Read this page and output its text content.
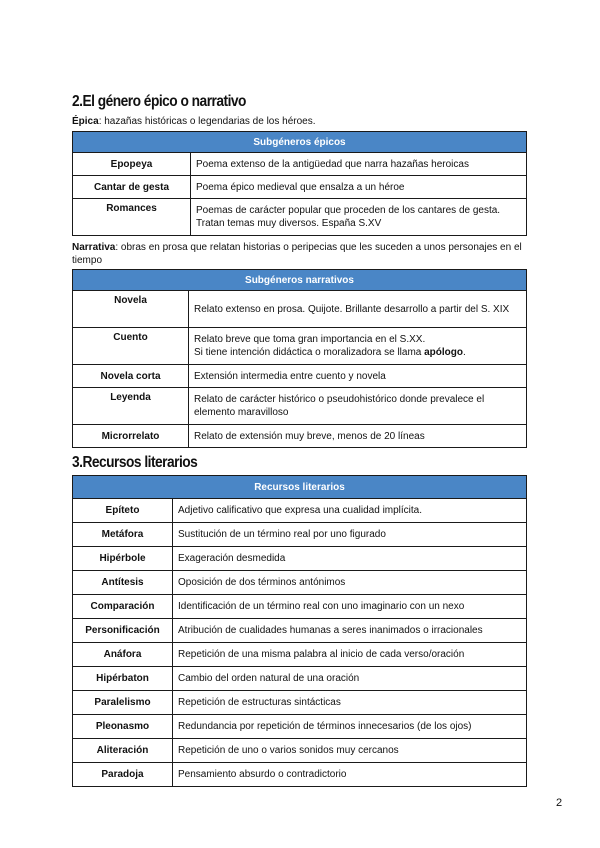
2.El género épico o narrativo

Épica: hazañas históricas o legendarias de los héroes.

Subgéneros épicos	
Epopeya	Poema extenso de la antigüedad que narra hazañas heroicas
Cantar de gesta	Poema épico medieval que ensalza a un héroe
Romances	Poemas de carácter popular que proceden de los cantares de gesta. Tratan temas muy diversos. España S.XV

Narrativa: obras en prosa que relatan historias o peripecias que les suceden a unos personajes en el tiempo

Subgéneros narrativos	
Novela	Relato extenso en prosa. Quijote. Brillante desarrollo a partir del S. XIX
Cuento	Relato breve que toma gran importancia en el S.XX.
Si tiene intención didáctica o moralizadora se llama apólogo.
Novela corta	Extensión intermedia entre cuento y novela
Leyenda	Relato de carácter histórico o pseudohistórico donde prevalece el elemento maravilloso
Microrrelato	Relato de extensión muy breve, menos de 20 líneas
3.Recursos literarios
Recursos literarios	
Epíteto	Adjetivo calificativo que expresa una cualidad implícita.
Metáfora	Sustitución de un término real por uno figurado
Hipérbole	Exageración desmedida
Antítesis	Oposición de dos términos antónimos
Comparación	Identificación de un término real con uno imaginario con un nexo
Personificación	Atribución de cualidades humanas a seres inanimados o irracionales
Anáfora	Repetición de una misma palabra al inicio de cada verso/oración
Hipérbaton	Cambio del orden natural de una oración
Paralelismo	Repetición de estructuras sintácticas
Pleonasmo	Redundancia por repetición de términos innecesarios (de los ojos)
Aliteración	Repetición de uno o varios sonidos muy cercanos
Paradoja	Pensamiento absurdo o contradictorio

2
